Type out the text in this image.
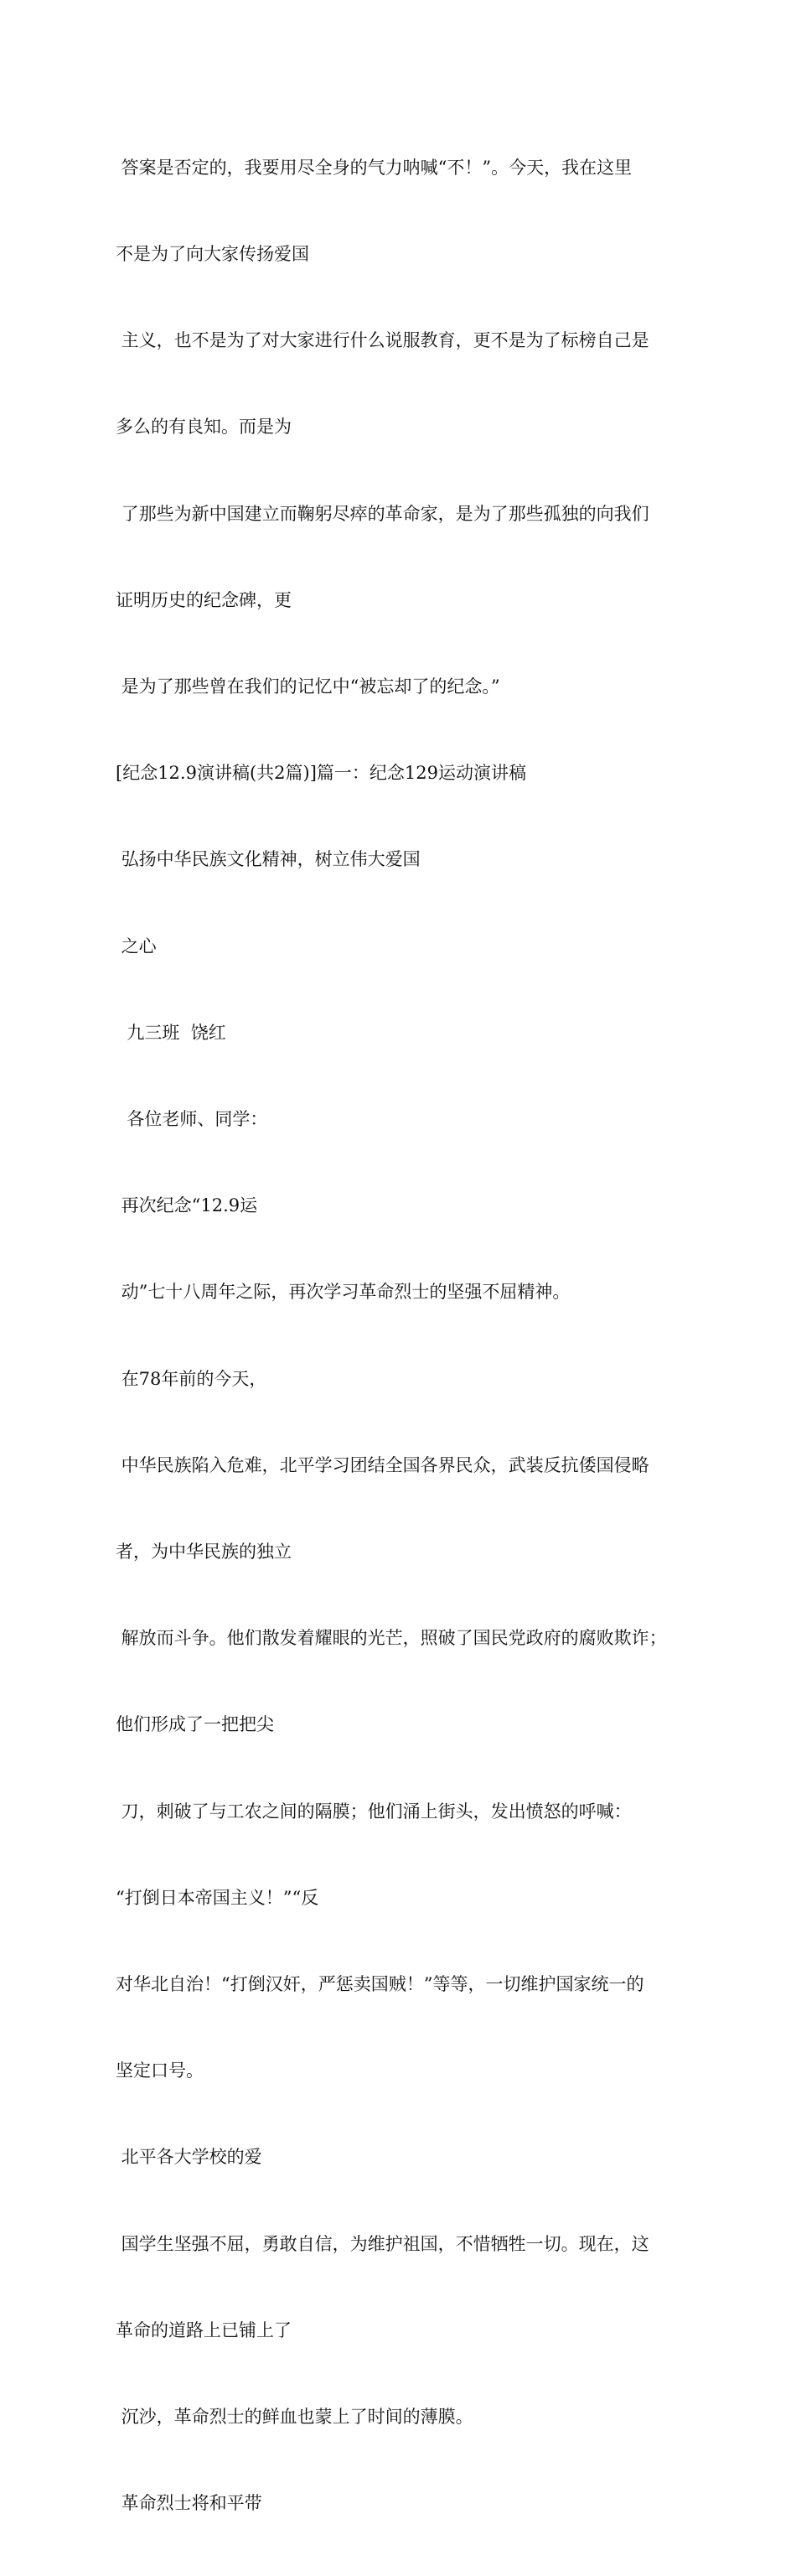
答案是否定的，我要用尽全身的气力呐喊“不！”。今天，我在这里

不是为了向大家传扬爱国

主义，也不是为了对大家进行什么说服教育，更不是为了标榜自己是

多么的有良知。而是为

了那些为新中国建立而鞠躬尽瘁的革命家，是为了那些孤独的向我们

证明历史的纪念碑，更

是为了那些曾在我们的记忆中“被忘却了的纪念。”

[纪念12.9演讲稿(共2篇)]篇一：纪念129运动演讲稿

弘扬中华民族文化精神，树立伟大爱国

之心

九三班  饶红

各位老师、同学：

再次纪念“12.9运

动”七十八周年之际，再次学习革命烈士的坚强不屈精神。

在78年前的今天，

中华民族陷入危难，北平学习团结全国各界民众，武装反抗倭国侵略

者，为中华民族的独立

解放而斗争。他们散发着耀眼的光芒，照破了国民党政府的腐败欺诈；

他们形成了一把把尖

刀，刺破了与工农之间的隔膜；他们涌上街头，发出愤怒的呼喊：

“打倒日本帝国主义！”“反

对华北自治！“打倒汉奸，严惩卖国贼！”等等，一切维护国家统一的

坚定口号。

北平各大学校的爱

国学生坚强不屈，勇敢自信，为维护祖国，不惜牺牲一切。现在，这

革命的道路上已铺上了

沉沙，革命烈士的鲜血也蒙上了时间的薄膜。

革命烈士将和平带
